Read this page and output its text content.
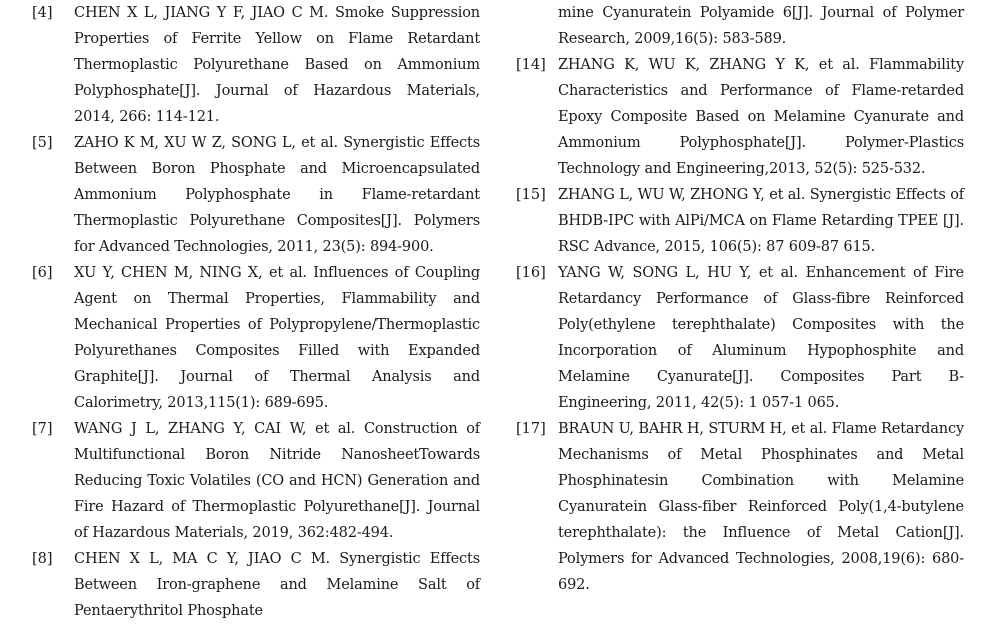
[4] CHEN X L, JIANG Y F, JIAO C M. Smoke Suppression Properties of Ferrite Yellow on Flame Retardant Thermoplastic Polyurethane Based on Ammonium Polyphosphate[J]. Journal of Hazardous Materials, 2014, 266: 114-121.
[5] ZAHO K M, XU W Z, SONG L, et al. Synergistic Effects Between Boron Phosphate and Microencapsulated Ammonium Polyphosphate in Flame-retardant Thermoplastic Polyurethane Composites[J]. Polymers for Advanced Technologies, 2011, 23(5): 894-900.
[6] XU Y, CHEN M, NING X, et al. Influences of Coupling Agent on Thermal Properties, Flammability and Mechanical Properties of Polypropylene/Thermoplastic Polyurethanes Composites Filled with Expanded Graphite[J]. Journal of Thermal Analysis and Calorimetry, 2013,115(1): 689-695.
[7] WANG J L, ZHANG Y, CAI W, et al. Construction of Multifunctional Boron Nitride NanosheetTowards Reducing Toxic Volatiles (CO and HCN) Generation and Fire Hazard of Thermoplastic Polyurethane[J]. Journal of Hazardous Materials, 2019, 362:482-494.
[8] CHEN X L, MA C Y, JIAO C M. Synergistic Effects Between Iron-graphene and Melamine Salt of Pentaerythritol Phosphate
mine Cyanuratein Polyamide 6[J]. Journal of Polymer Research, 2009,16(5): 583-589.
[14] ZHANG K, WU K, ZHANG Y K, et al. Flammability Characteristics and Performance of Flame-retarded Epoxy Composite Based on Melamine Cyanurate and Ammonium Polyphosphate[J]. Polymer-Plastics Technology and Engineering,2013, 52(5): 525-532.
[15] ZHANG L, WU W, ZHONG Y, et al. Synergistic Effects of BHDB-IPC with AlPi/MCA on Flame Retarding TPEE [J]. RSC Advance, 2015, 106(5): 87 609-87 615.
[16] YANG W, SONG L, HU Y, et al. Enhancement of Fire Retardancy Performance of Glass-fibre Reinforced Poly(ethylene terephthalate) Composites with the Incorporation of Aluminum Hypophosphite and Melamine Cyanurate[J]. Composites Part B-Engineering, 2011, 42(5): 1 057-1 065.
[17] BRAUN U, BAHR H, STURM H, et al. Flame Retardancy Mechanisms of Metal Phosphinates and Metal Phosphinatesin Combination with Melamine Cyanuratein Glass-fiber Reinforced Poly(1,4-butylene terephthalate): the Influence of Metal Cation[J]. Polymers for Advanced Technologies, 2008,19(6): 680-692.
